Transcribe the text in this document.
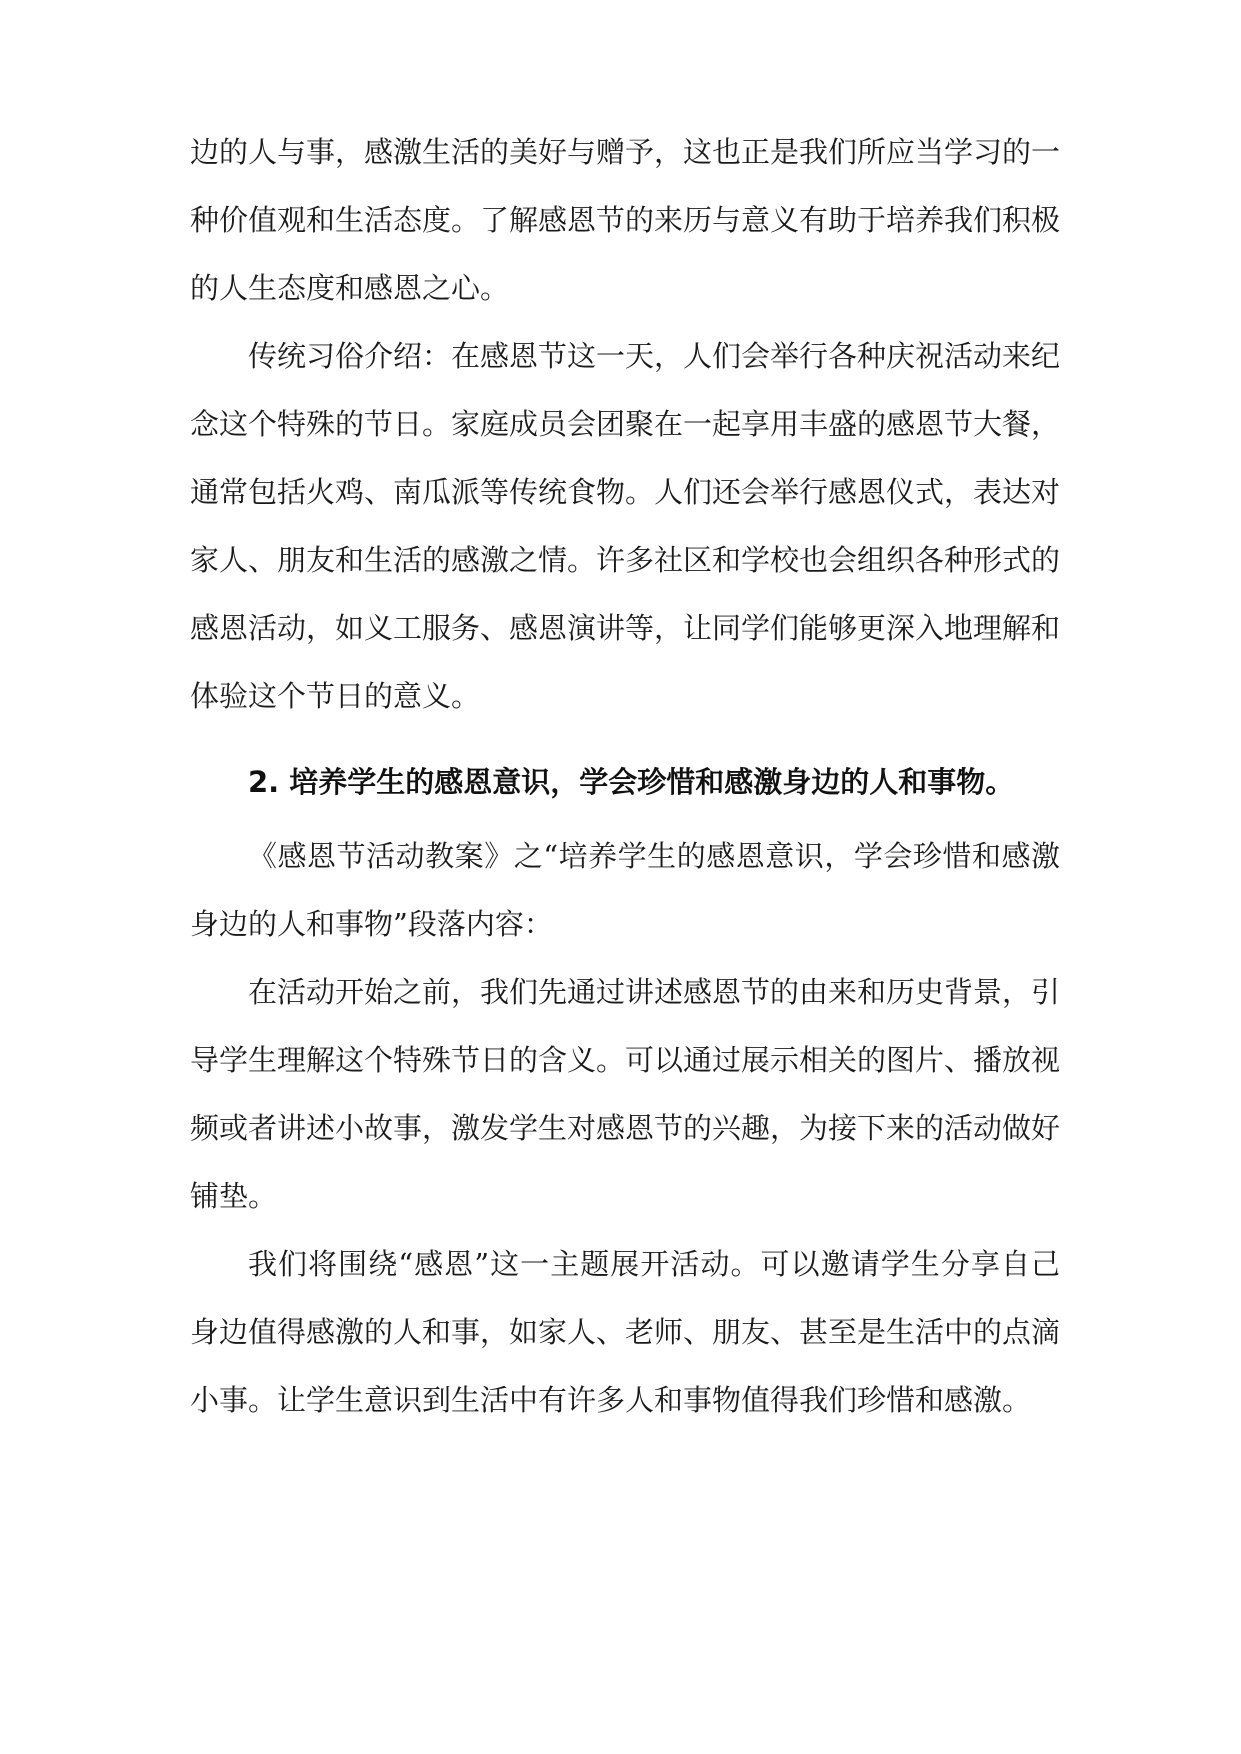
边的人与事，感激生活的美好与赠予，这也正是我们所应当学习的一
种价值观和生活态度。了解感恩节的来历与意义有助于培养我们积极
的人生态度和感恩之心。
传统习俗介绍：在感恩节这一天，人们会举行各种庆祝活动来纪
念这个特殊的节日。家庭成员会团聚在一起享用丰盛的感恩节大餐，
通常包括火鸡、南瓜派等传统食物。人们还会举行感恩仪式，表达对
家人、朋友和生活的感激之情。许多社区和学校也会组织各种形式的
感恩活动，如义工服务、感恩演讲等，让同学们能够更深入地理解和
体验这个节日的意义。
2. 培养学生的感恩意识，学会珍惜和感激身边的人和事物。
《感恩节活动教案》之“培养学生的感恩意识，学会珍惜和感激
身边的人和事物”段落内容：
在活动开始之前，我们先通过讲述感恩节的由来和历史背景，引
导学生理解这个特殊节日的含义。可以通过展示相关的图片、播放视
频或者讲述小故事，激发学生对感恩节的兴趣，为接下来的活动做好
铺垫。
我们将围绕“感恩”这一主题展开活动。可以邀请学生分享自己
身边值得感激的人和事，如家人、老师、朋友、甚至是生活中的点滴
小事。让学生意识到生活中有许多人和事物值得我们珍惜和感激。
